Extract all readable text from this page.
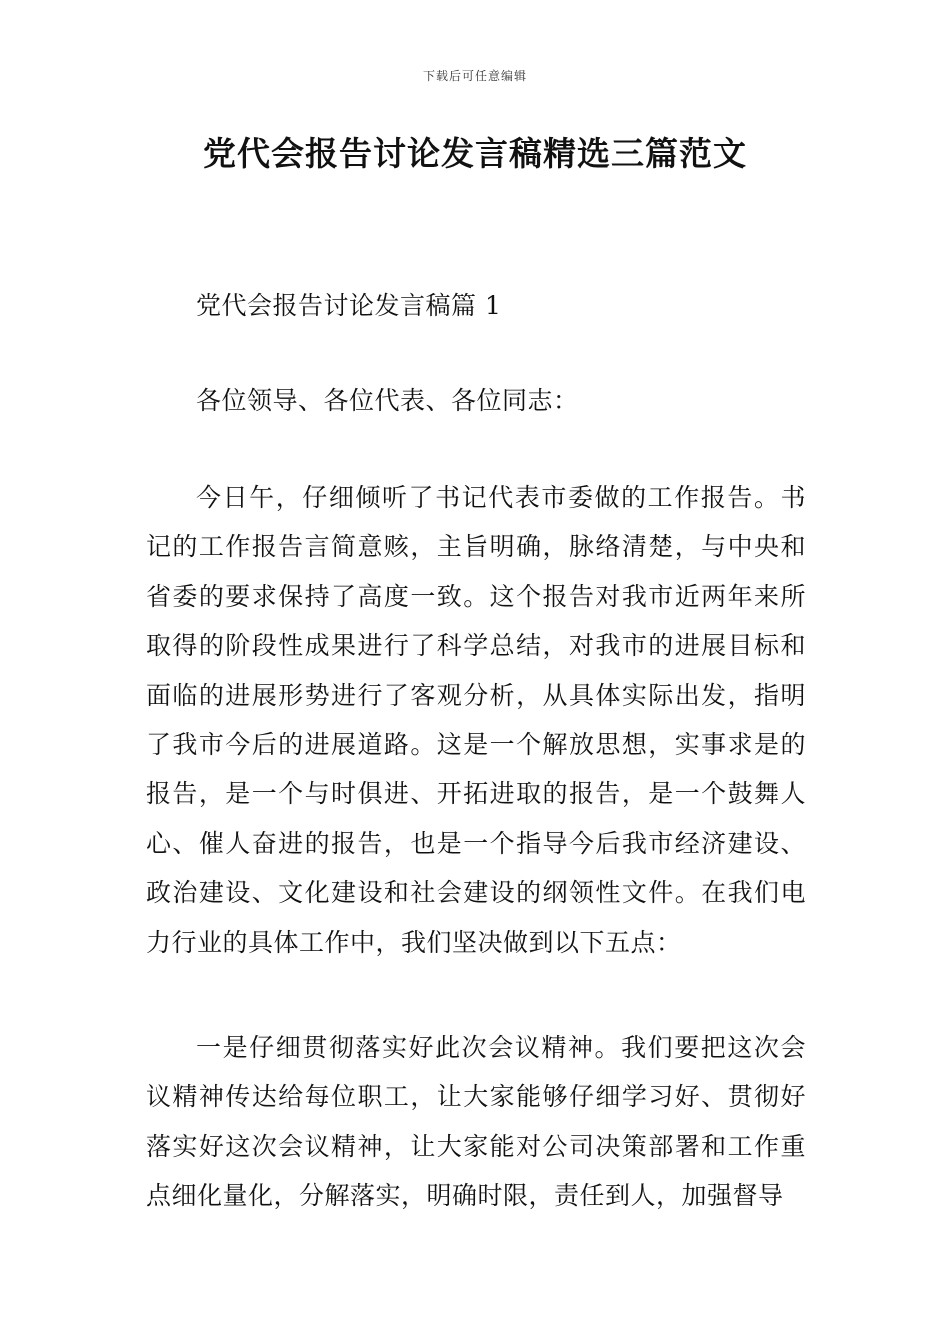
下载后可任意编辑
党代会报告讨论发言稿精选三篇范文

党代会报告讨论发言稿篇 1

各位领导、各位代表、各位同志：

今日午，仔细倾听了书记代表市委做的工作报告。书记的工作报告言简意赅，主旨明确，脉络清楚，与中央和省委的要求保持了高度一致。这个报告对我市近两年来所取得的阶段性成果进行了科学总结，对我市的进展目标和面临的进展形势进行了客观分析，从具体实际出发，指明了我市今后的进展道路。这是一个解放思想，实事求是的报告，是一个与时俱进、开拓进取的报告，是一个鼓舞人心、催人奋进的报告，也是一个指导今后我市经济建设、政治建设、文化建设和社会建设的纲领性文件。在我们电力行业的具体工作中，我们坚决做到以下五点：

一是仔细贯彻落实好此次会议精神。我们要把这次会议精神传达给每位职工，让大家能够仔细学习好、贯彻好落实好这次会议精神，让大家能对公司决策部署和工作重点细化量化，分解落实，明确时限，责任到人，加强督导
